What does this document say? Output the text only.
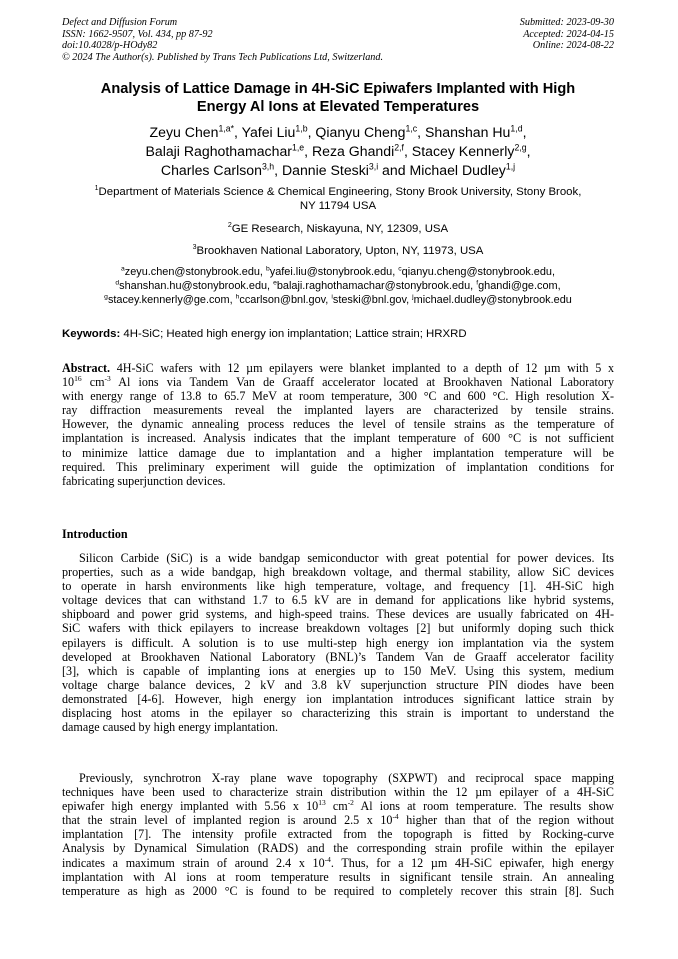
Defect and Diffusion Forum
ISSN: 1662-9507, Vol. 434, pp 87-92
doi:10.4028/p-HOdy82
© 2024 The Author(s). Published by Trans Tech Publications Ltd, Switzerland.
Submitted: 2023-09-30
Accepted: 2024-04-15
Online: 2024-08-22
Analysis of Lattice Damage in 4H-SiC Epiwafers Implanted with High
Energy Al Ions at Elevated Temperatures
Zeyu Chen$^{1,a*}$, Yafei Liu$^{1,b}$, Qianyu Cheng$^{1,c}$, Shanshan Hu$^{1,d}$,
Balaji Raghothamachar$^{1,e}$, Reza Ghandi$^{2,f}$, Stacey Kennerly$^{2,g}$,
Charles Carlson$^{3,h}$, Dannie Steski$^{3,i}$ and Michael Dudley$^{1,j}$
$^1$Department of Materials Science & Chemical Engineering, Stony Brook University, Stony Brook,
NY 11794 USA
$^2$GE Research, Niskayuna, NY, 12309, USA
$^3$Brookhaven National Laboratory, Upton, NY, 11973, USA
$^a$zeyu.chen@stonybrook.edu, $^b$yafei.liu@stonybrook.edu, $^c$qianyu.cheng@stonybrook.edu,
$^d$shanshan.hu@stonybrook.edu, $^e$balaji.raghothamachar@stonybrook.edu, $^f$ghandi@ge.com,
$^g$stacey.kennerly@ge.com, $^h$ccarlson@bnl.gov, $^i$steski@bnl.gov, $^j$michael.dudley@stonybrook.edu
Keywords: 4H-SiC; Heated high energy ion implantation; Lattice strain; HRXRD
Abstract. 4H-SiC wafers with 12 µm epilayers were blanket implanted to a depth of 12 µm with 5 x
$10^{16}$ $cm^{-3}$ Al ions via Tandem Van de Graaff accelerator located at Brookhaven National Laboratory
with energy range of 13.8 to 65.7 MeV at room temperature, 300 °C and 600 °C. High resolution X-
ray diffraction measurements reveal the implanted layers are characterized by tensile strains.
However, the dynamic annealing process reduces the level of tensile strains as the temperature of
implantation is increased. Analysis indicates that the implant temperature of 600 °C is not sufficient
to minimize lattice damage due to implantation and a higher implantation temperature will be
required. This preliminary experiment will guide the optimization of implantation conditions for
fabricating superjunction devices.
Introduction
Silicon Carbide (SiC) is a wide bandgap semiconductor with great potential for power devices. Its
properties, such as a wide bandgap, high breakdown voltage, and thermal stability, allow SiC devices
to operate in harsh environments like high temperature, voltage, and frequency [1]. 4H-SiC high
voltage devices that can withstand 1.7 to 6.5 kV are in demand for applications like hybrid systems,
shipboard and power grid systems, and high-speed trains. These devices are usually fabricated on 4H-
SiC wafers with thick epilayers to increase breakdown voltages [2] but uniformly doping such thick
epilayers is difficult. A solution is to use multi-step high energy ion implantation via the system
developed at Brookhaven National Laboratory (BNL)’s Tandem Van de Graaff accelerator facility
[3], which is capable of implanting ions at energies up to 150 MeV. Using this system, medium
voltage charge balance devices, 2 kV and 3.8 kV superjunction structure PIN diodes have been
demonstrated [4-6]. However, high energy ion implantation introduces significant lattice strain by
displacing host atoms in the epilayer so characterizing this strain is important to understand the
damage caused by high energy implantation.
Previously, synchrotron X-ray plane wave topography (SXPWT) and reciprocal space mapping
techniques have been used to characterize strain distribution within the 12 µm epilayer of a 4H-SiC
epiwafer high energy implanted with 5.56 x $10^{13}$ $cm^{-2}$ Al ions at room temperature. The results show
that the strain level of implanted region is around 2.5 x $10^{-4}$ higher than that of the region without
implantation [7]. The intensity profile extracted from the topograph is fitted by Rocking-curve
Analysis by Dynamical Simulation (RADS) and the corresponding strain profile within the epilayer
indicates a maximum strain of around 2.4 x $10^{-4}$. Thus, for a 12 µm 4H-SiC epiwafer, high energy
implantation with Al ions at room temperature results in significant tensile strain. An annealing
temperature as high as 2000 °C is found to be required to completely recover this strain [8]. Such
